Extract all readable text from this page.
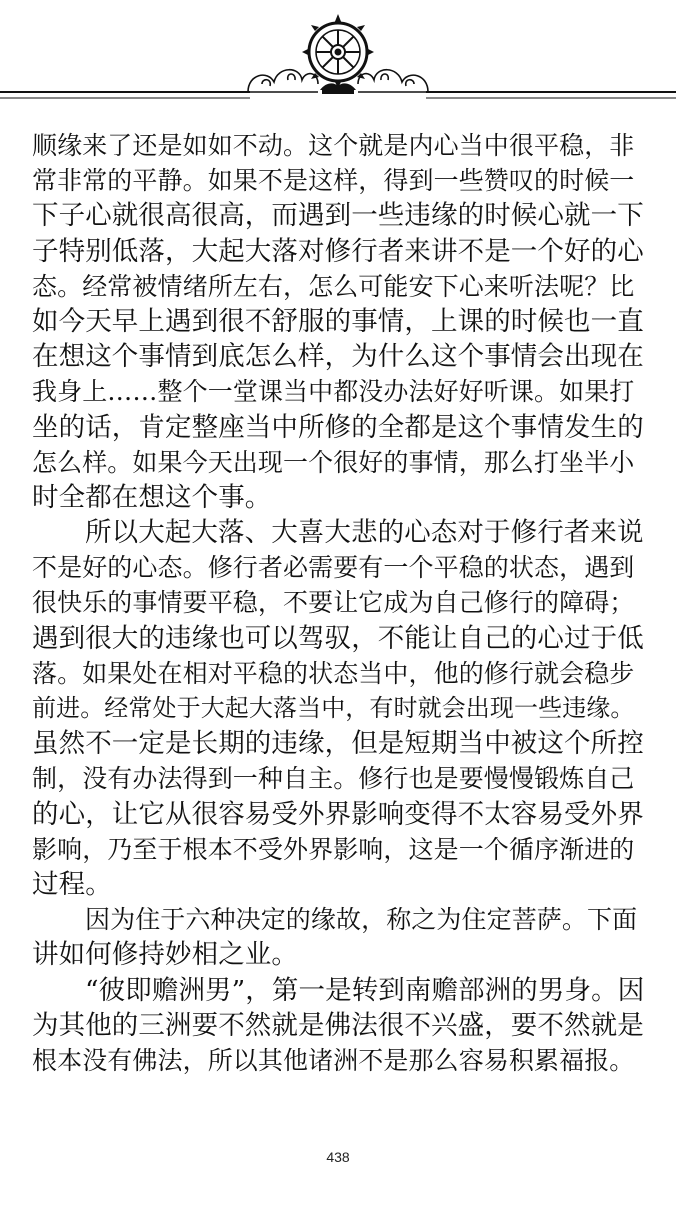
顺缘来了还是如如不动。这个就是内心当中很平稳，非
常非常的平静。如果不是这样，得到一些赞叹的时候一
下子心就很高很高，而遇到一些违缘的时候心就一下
子特别低落，大起大落对修行者来讲不是一个好的心
态。经常被情绪所左右，怎么可能安下心来听法呢？比
如今天早上遇到很不舒服的事情，上课的时候也一直
在想这个事情到底怎么样，为什么这个事情会出现在
我身上……整个一堂课当中都没办法好好听课。如果打
坐的话，肯定整座当中所修的全都是这个事情发生的
怎么样。如果今天出现一个很好的事情，那么打坐半小
时全都在想这个事。
所以大起大落、大喜大悲的心态对于修行者来说
不是好的心态。修行者必需要有一个平稳的状态，遇到
很快乐的事情要平稳，不要让它成为自己修行的障碍；
遇到很大的违缘也可以驾驭，不能让自己的心过于低
落。如果处在相对平稳的状态当中，他的修行就会稳步
前进。经常处于大起大落当中，有时就会出现一些违缘。
虽然不一定是长期的违缘，但是短期当中被这个所控
制，没有办法得到一种自主。修行也是要慢慢锻炼自己
的心，让它从很容易受外界影响变得不太容易受外界
影响，乃至于根本不受外界影响，这是一个循序渐进的
过程。
因为住于六种决定的缘故，称之为住定菩萨。下面
讲如何修持妙相之业。
“彼即赡洲男”，第一是转到南赡部洲的男身。因
为其他的三洲要不然就是佛法很不兴盛，要不然就是
根本没有佛法，所以其他诸洲不是那么容易积累福报。
438
